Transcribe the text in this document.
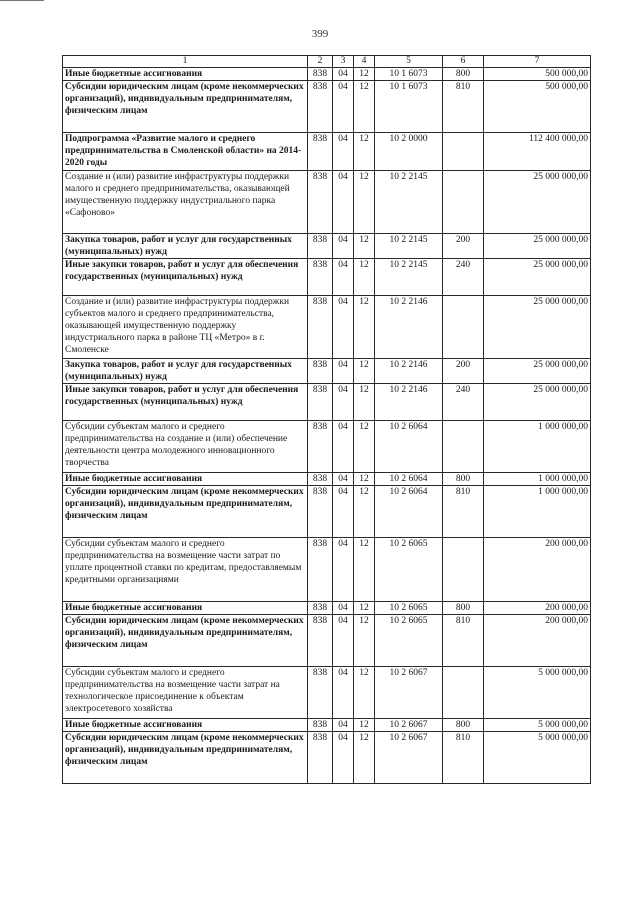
399
1	2	3	4	5	6	7
Иные бюджетные ассигнования	838	04	12	10 1 6073	800	500 000,00
Субсидии юридическим лицам (кроме некоммерческих организаций), индивидуальным предпринимателям, физическим лицам	838	04	12	10 1 6073	810	500 000,00
Подпрограмма «Развитие малого и среднего предпринимательства в Смоленской области» на 2014-2020 годы	838	04	12	10 2 0000		112 400 000,00
Создание и (или) развитие инфраструктуры поддержки малого и среднего предпринимательства, оказывающей имущественную поддержку индустриального парка «Сафоново»	838	04	12	10 2 2145		25 000 000,00
Закупка товаров, работ и услуг для государственных (муниципальных) нужд	838	04	12	10 2 2145	200	25 000 000,00
Иные закупки товаров, работ и услуг для обеспечения государственных (муниципальных) нужд	838	04	12	10 2 2145	240	25 000 000,00
Создание и (или) развитие инфраструктуры поддержки субъектов малого и среднего предпринимательства, оказывающей имущественную поддержку индустриального парка в районе ТЦ «Метро» в г. Смоленске	838	04	12	10 2 2146		25 000 000,00
Закупка товаров, работ и услуг для государственных (муниципальных) нужд	838	04	12	10 2 2146	200	25 000 000,00
Иные закупки товаров, работ и услуг для обеспечения государственных (муниципальных) нужд	838	04	12	10 2 2146	240	25 000 000,00
Субсидии субъектам малого и среднего предпринимательства на создание и (или) обеспечение деятельности центра молодежного инновационного творчества	838	04	12	10 2 6064		1 000 000,00
Иные бюджетные ассигнования	838	04	12	10 2 6064	800	1 000 000,00
Субсидии юридическим лицам (кроме некоммерческих организаций), индивидуальным предпринимателям, физическим лицам	838	04	12	10 2 6064	810	1 000 000,00
Субсидии субъектам малого и среднего предпринимательства на возмещение части затрат по уплате процентной ставки по кредитам, предоставляемым кредитными организациями	838	04	12	10 2 6065		200 000,00
Иные бюджетные ассигнования	838	04	12	10 2 6065	800	200 000,00
Субсидии юридическим лицам (кроме некоммерческих организаций), индивидуальным предпринимателям, физическим лицам	838	04	12	10 2 6065	810	200 000,00
Субсидии субъектам малого и среднего предпринимательства на возмещение части затрат на технологическое присоединение к объектам электросетевого хозяйства	838	04	12	10 2 6067		5 000 000,00
Иные бюджетные ассигнования	838	04	12	10 2 6067	800	5 000 000,00
Субсидии юридическим лицам (кроме некоммерческих организаций), индивидуальным предпринимателям, физическим лицам	838	04	12	10 2 6067	810	5 000 000,00
